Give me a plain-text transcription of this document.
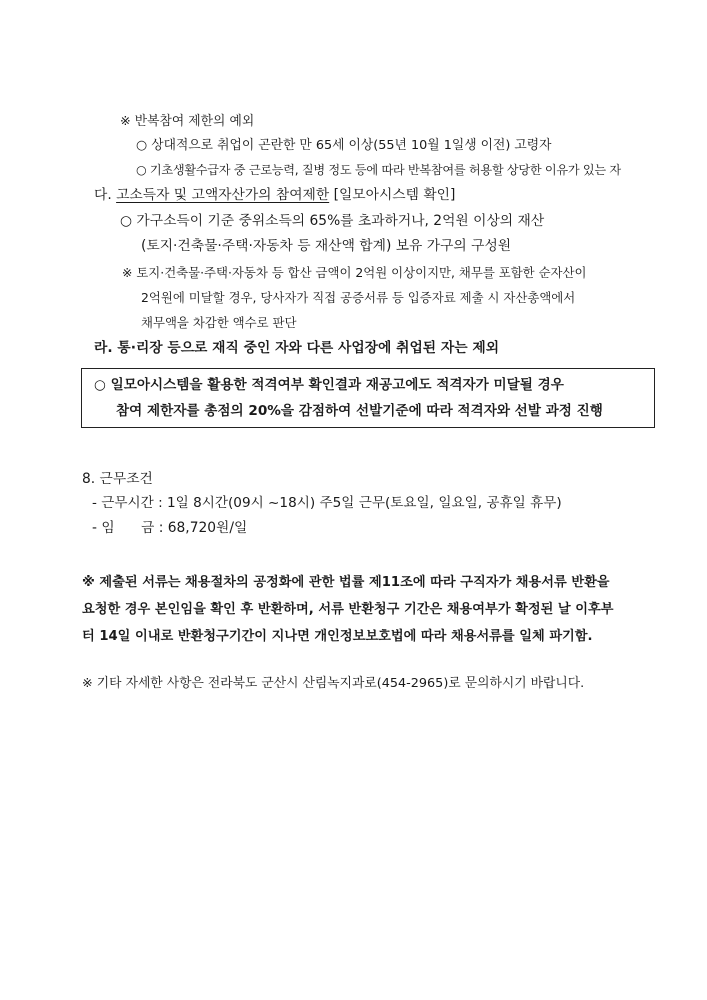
※ 반복참여 제한의 예외
○ 상대적으로 취업이 곤란한 만 65세 이상(55년 10월 1일생 이전) 고령자
○ 기초생활수급자 중 근로능력, 질병 정도 등에 따라 반복참여를 허용할 상당한 이유가 있는 자
다. 고소득자 및 고액자산가의 참여제한 [일모아시스템 확인]
○ 가구소득이 기준 중위소득의 65%를 초과하거나, 2억원 이상의 재산
(토지·건축물·주택·자동차 등 재산액 합계) 보유 가구의 구성원
※ 토지·건축물·주택·자동차 등 합산 금액이 2억원 이상이지만, 채무를 포함한 순자산이
2억원에 미달할 경우, 당사자가 직접 공증서류 등 입증자료 제출 시 자산총액에서
채무액을 차감한 액수로 판단
라. 통·리장 등으로 재직 중인 자와 다른 사업장에 취업된 자는 제외
○ 일모아시스템을 활용한 적격여부 확인결과 재공고에도 적격자가 미달될 경우
참여 제한자를 총점의 20%을 감점하여 선발기준에 따라 적격자와 선발 과정 진행
8. 근무조건
- 근무시간 : 1일 8시간(09시 ~18시) 주5일 근무(토요일, 일요일, 공휴일 휴무)
- 임      금 : 68,720원/일
※ 제출된 서류는 채용절차의 공정화에 관한 법률 제11조에 따라 구직자가 채용서류 반환을
요청한 경우 본인임을 확인 후 반환하며, 서류 반환청구 기간은 채용여부가 확정된 날 이후부
터 14일 이내로 반환청구기간이 지나면 개인정보보호법에 따라 채용서류를 일체 파기함.
※ 기타 자세한 사항은 전라북도 군산시 산림녹지과로(454-2965)로 문의하시기 바랍니다.
